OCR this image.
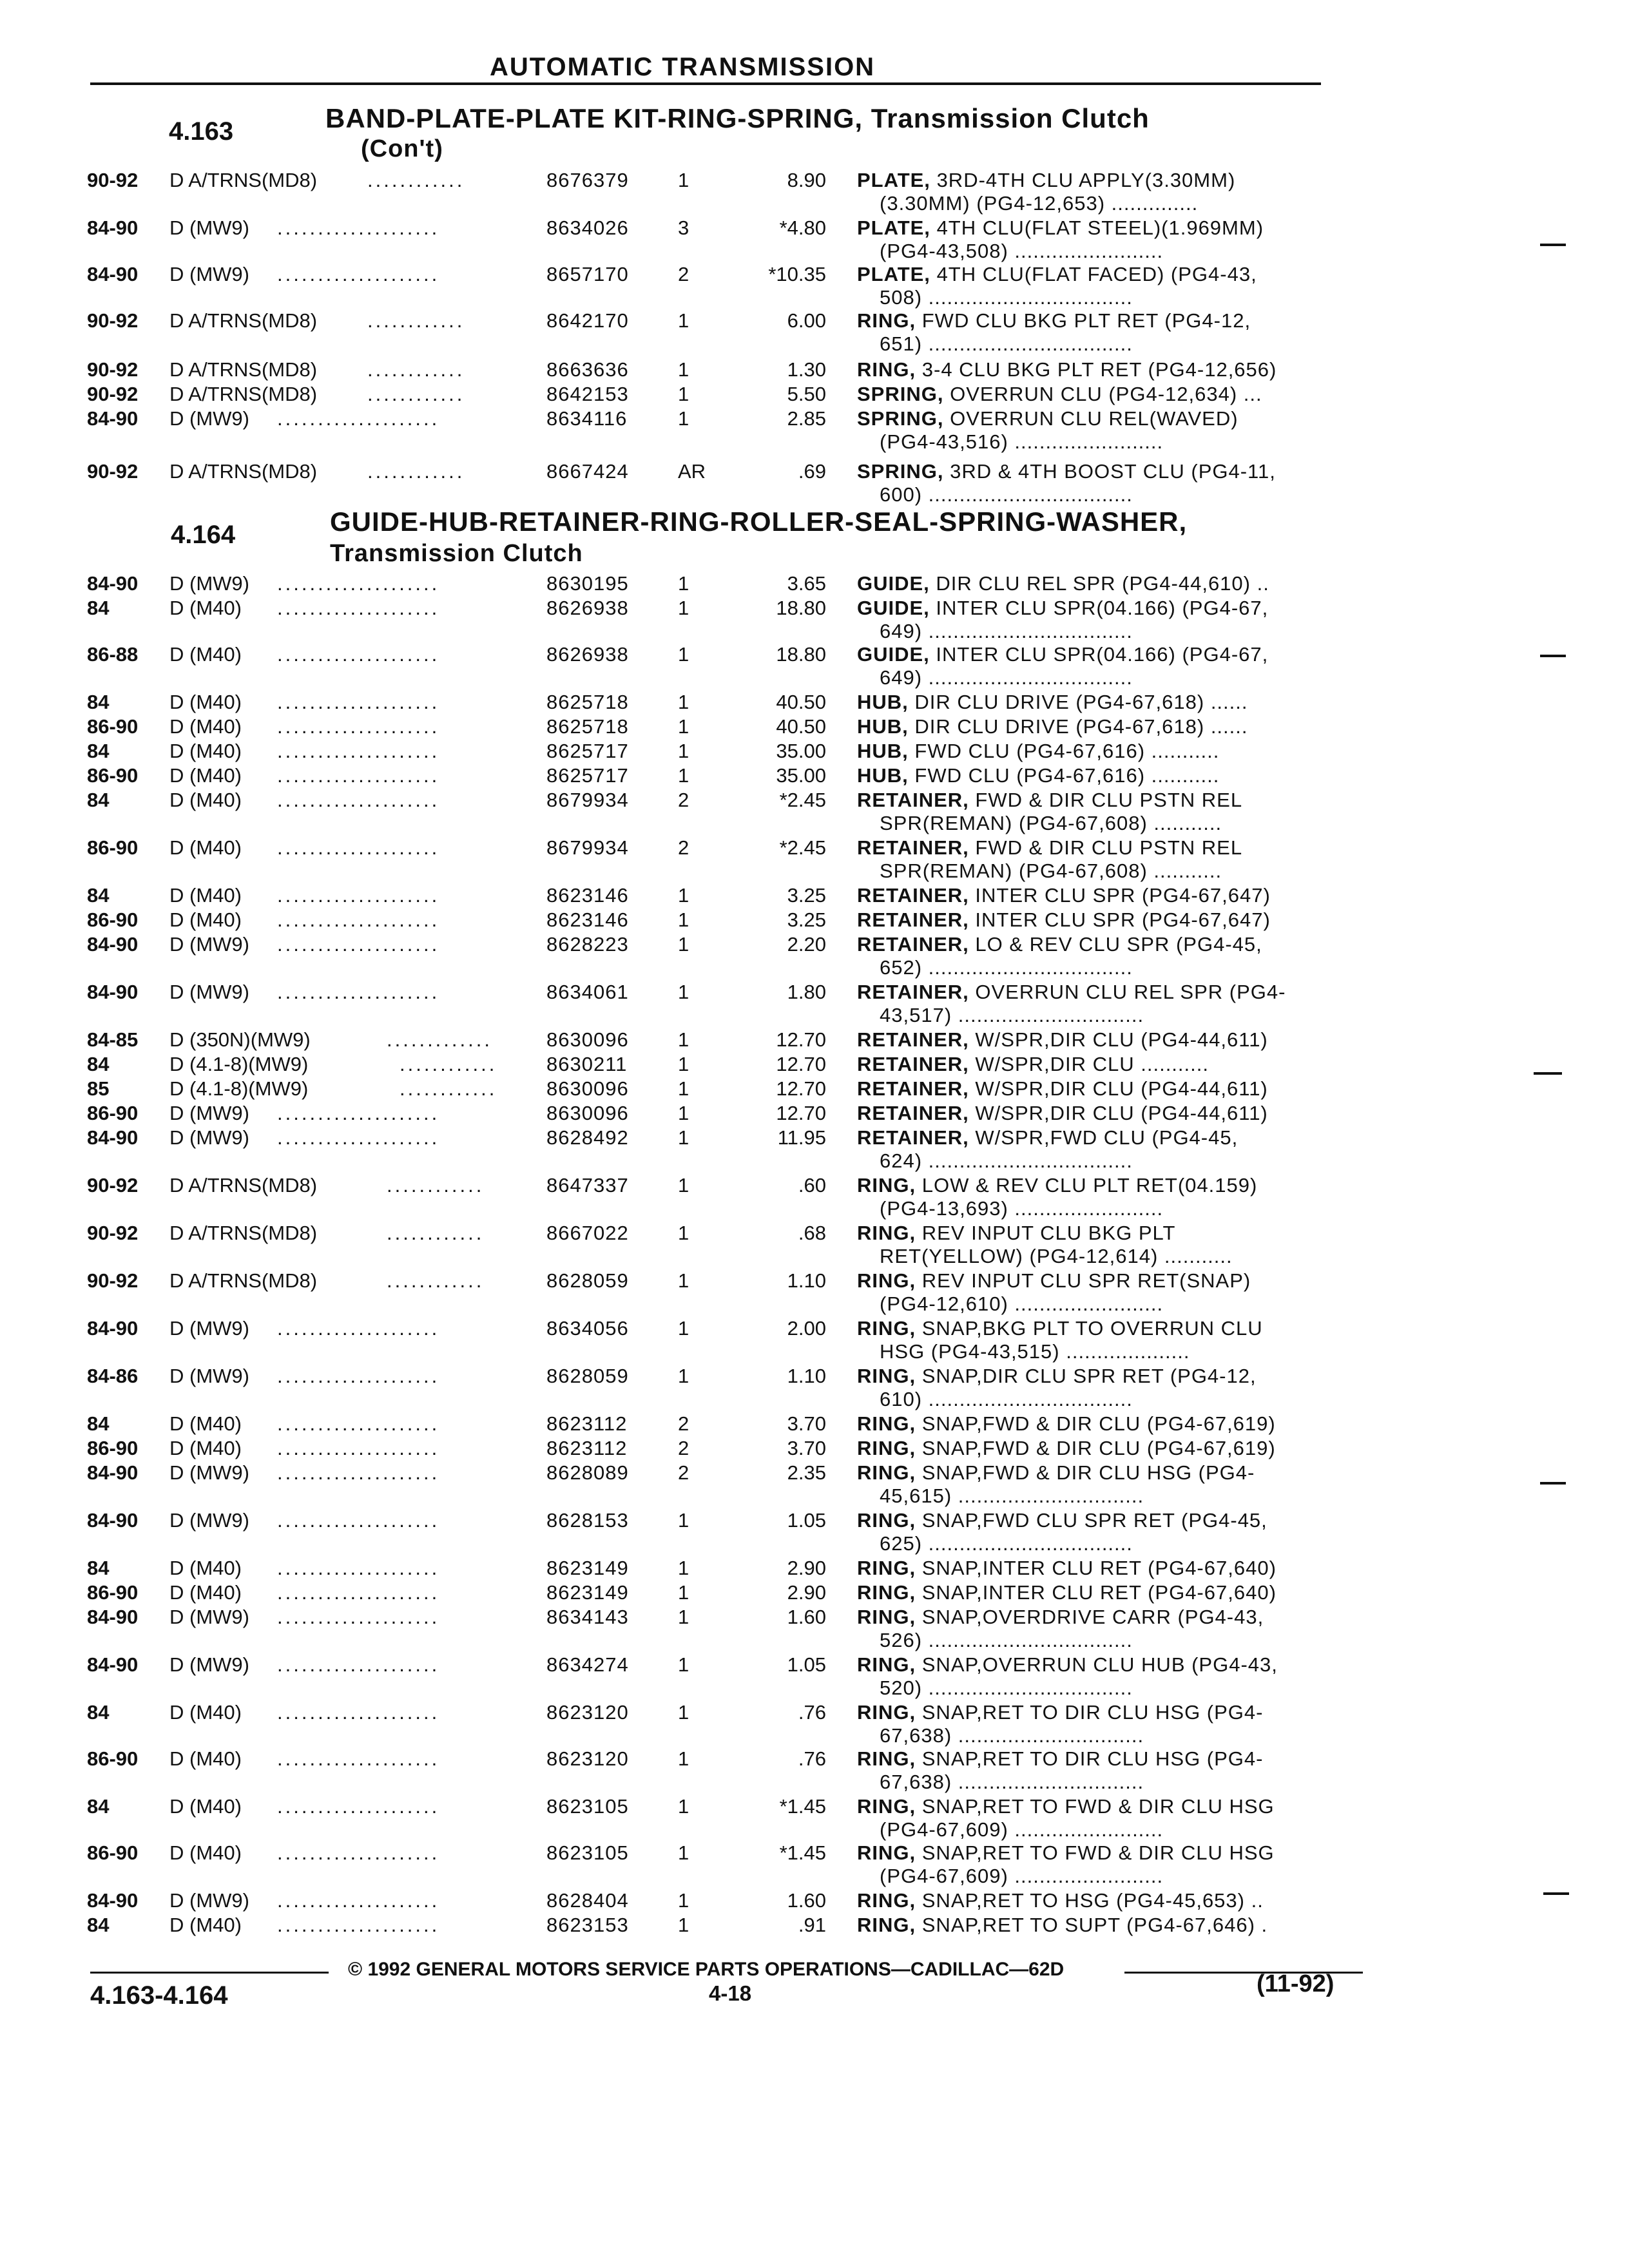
AUTOMATIC TRANSMISSION
4.163	BAND-PLATE-PLATE KIT-RING-SPRING, Transmission Clutch
(Con't)
90-92 D A/TRNS(MD8)	............	8676379 1	8.90 PLATE, 3RD-4TH CLU APPLY(3.30MM)
(3.30MM) (PG4-12,653) ..............
84-90 D (MW9) ....................	8634026 3	*4.80 PLATE, 4TH CLU(FLAT STEEL)(1.969MM)
(PG4-43,508) ........................
84-90 D (MW9) ....................	8657170 2	*10.35 PLATE, 4TH CLU(FLAT FACED) (PG4-43,
508) .................................
90-92 D A/TRNS(MD8)	............	8642170 1	6.00 RING, FWD CLU BKG PLT RET (PG4-12,
651) .................................
90-92 D A/TRNS(MD8)	............	8663636 1	1.30 RING, 3-4 CLU BKG PLT RET (PG4-12,656)
90-92 D A/TRNS(MD8)	............	8642153 1	5.50 SPRING, OVERRUN CLU (PG4-12,634) ...
84-90 D (MW9) ....................	8634116	1	2.85 SPRING, OVERRUN CLU REL(WAVED)
(PG4-43,516) ........................
90-92 D A/TRNS(MD8)	............	8667424 AR	.69 SPRING, 3RD & 4TH BOOST CLU (PG4-11,
600) .................................
4.164	GUIDE-HUB-RETAINER-RING-ROLLER-SEAL-SPRING-WASHER,
Transmission Clutch
84-90 D (MW9) ....................	8630195 1	3.65 GUIDE, DIR CLU REL SPR (PG4-44,610) ..
84	D (M40) ....................	8626938 1	18.80 GUIDE, INTER CLU SPR(04.166) (PG4-67,
649) .................................
86-88 D (M40) ....................	8626938 1	18.80 GUIDE, INTER CLU SPR(04.166) (PG4-67,
649) .................................
84	D (M40) ....................	8625718 1	40.50 HUB, DIR CLU DRIVE (PG4-67,618) ......
86-90 D (M40) ....................	8625718 1	40.50 HUB, DIR CLU DRIVE (PG4-67,618) ......
84	D (M40) ....................	8625717 1	35.00 HUB, FWD CLU (PG4-67,616) ...........
86-90 D (M40) ....................	8625717 1	35.00 HUB, FWD CLU (PG4-67,616) ...........
84	D (M40) ....................	8679934 2	*2.45 RETAINER, FWD & DIR CLU PSTN REL
SPR(REMAN) (PG4-67,608) ...........
86-90 D (M40) ....................	8679934 2	*2.45 RETAINER, FWD & DIR CLU PSTN REL
SPR(REMAN) (PG4-67,608) ...........
84	D (M40) ....................	8623146 1	3.25 RETAINER, INTER CLU SPR (PG4-67,647)
86-90 D (M40) ....................	8623146 1	3.25 RETAINER, INTER CLU SPR (PG4-67,647)
84-90 D (MW9) ....................	8628223 1	2.20 RETAINER, LO & REV CLU SPR (PG4-45,
652) .................................
84-90 D (MW9) ....................	8634061 1	1.80 RETAINER, OVERRUN CLU REL SPR (PG4-
43,517) ..............................
84-85 D (350N)(MW9)	.............	8630096 1	12.70 RETAINER, W/SPR,DIR CLU (PG4-44,611)
84	D (4.1-8)(MW9)	............ 8630211	1	12.70 RETAINER, W/SPR,DIR CLU ...........
85	D (4.1-8)(MW9)	............ 8630096 1	12.70 RETAINER, W/SPR,DIR CLU (PG4-44,611)
86-90 D (MW9) ....................	8630096 1	12.70 RETAINER, W/SPR,DIR CLU (PG4-44,611)
84-90 D (MW9) ....................	8628492 1	11.95 RETAINER, W/SPR,FWD CLU (PG4-45,
624) .................................
90-92 D A/TRNS(MD8)	............	8647337 1	.60 RING, LOW & REV CLU PLT RET(04.159)
(PG4-13,693) ........................
90-92 D A/TRNS(MD8)	............	8667022 1	.68 RING, REV INPUT CLU BKG PLT
RET(YELLOW) (PG4-12,614) ...........
90-92 D A/TRNS(MD8)	............	8628059 1	1.10 RING, REV INPUT CLU SPR RET(SNAP)
(PG4-12,610) ........................
84-90 D (MW9) ....................	8634056 1	2.00 RING, SNAP,BKG PLT TO OVERRUN CLU
HSG (PG4-43,515) ....................
84-86 D (MW9) ....................	8628059 1	1.10 RING, SNAP,DIR CLU SPR RET (PG4-12,
610) .................................
84	D (M40) ....................	8623112	2	3.70 RING, SNAP,FWD & DIR CLU (PG4-67,619)
86-90 D (M40) ....................	8623112	2	3.70 RING, SNAP,FWD & DIR CLU (PG4-67,619)
84-90 D (MW9) ....................	8628089 2	2.35 RING, SNAP,FWD & DIR CLU HSG (PG4-
45,615) ..............................
84-90 D (MW9) ....................	8628153 1	1.05 RING, SNAP,FWD CLU SPR RET (PG4-45,
625) .................................
84	D (M40) ....................	8623149 1	2.90 RING, SNAP,INTER CLU RET (PG4-67,640)
86-90 D (M40) ....................	8623149 1	2.90 RING, SNAP,INTER CLU RET (PG4-67,640)
84-90 D (MW9) ....................	8634143 1	1.60 RING, SNAP,OVERDRIVE CARR (PG4-43,
526) .................................
84-90 D (MW9) ....................	8634274 1	1.05 RING, SNAP,OVERRUN CLU HUB (PG4-43,
520) .................................
84	D (M40) ....................	8623120 1	.76 RING, SNAP,RET TO DIR CLU HSG (PG4-
67,638) ..............................
86-90 D (M40) ....................	8623120 1	.76 RING, SNAP,RET TO DIR CLU HSG (PG4-
67,638) ..............................
84	D (M40) ....................	8623105 1	*1.45 RING, SNAP,RET TO FWD & DIR CLU HSG
(PG4-67,609) ........................
86-90 D (M40) ....................	8623105 1	*1.45 RING, SNAP,RET TO FWD & DIR CLU HSG
(PG4-67,609) ........................
84-90 D (MW9) ....................	8628404 1	1.60 RING, SNAP,RET TO HSG (PG4-45,653) ..
84	D (M40) ....................	8623153 1	.91 RING, SNAP,RET TO SUPT (PG4-67,646) .
© 1992 GENERAL MOTORS SERVICE PARTS OPERATIONS—CADILLAC—62D
4.163-4.164	4-18	(11-92)
